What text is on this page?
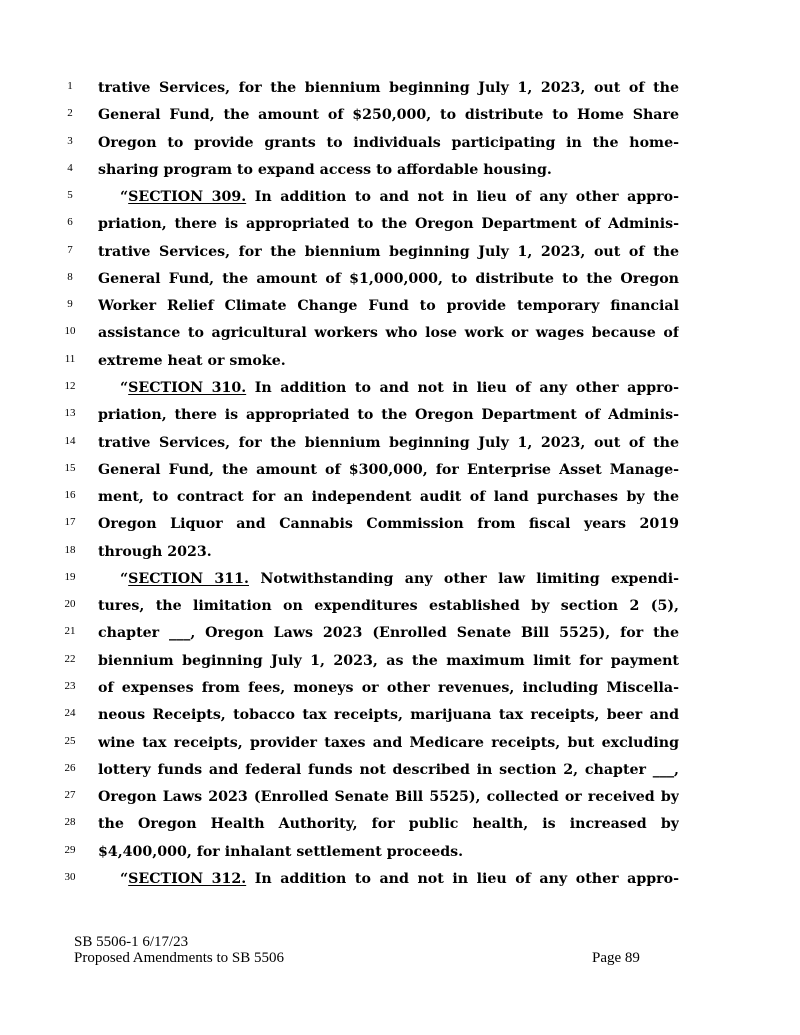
1	trative Services, for the biennium beginning July 1, 2023, out of the
2	General Fund, the amount of $250,000, to distribute to Home Share
3	Oregon to provide grants to individuals participating in the home-
4	sharing program to expand access to affordable housing.
5	“SECTION 309. In addition to and not in lieu of any other appro-
6	priation, there is appropriated to the Oregon Department of Adminis-
7	trative Services, for the biennium beginning July 1, 2023, out of the
8	General Fund, the amount of $1,000,000, to distribute to the Oregon
9	Worker Relief Climate Change Fund to provide temporary financial
10	assistance to agricultural workers who lose work or wages because of
11	extreme heat or smoke.
12	“SECTION 310. In addition to and not in lieu of any other appro-
13	priation, there is appropriated to the Oregon Department of Adminis-
14	trative Services, for the biennium beginning July 1, 2023, out of the
15	General Fund, the amount of $300,000, for Enterprise Asset Manage-
16	ment, to contract for an independent audit of land purchases by the
17	Oregon Liquor and Cannabis Commission from fiscal years 2019
18	through 2023.
19	“SECTION 311. Notwithstanding any other law limiting expendi-
20	tures, the limitation on expenditures established by section 2 (5),
21	chapter ___, Oregon Laws 2023 (Enrolled Senate Bill 5525), for the
22	biennium beginning July 1, 2023, as the maximum limit for payment
23	of expenses from fees, moneys or other revenues, including Miscella-
24	neous Receipts, tobacco tax receipts, marijuana tax receipts, beer and
25	wine tax receipts, provider taxes and Medicare receipts, but excluding
26	lottery funds and federal funds not described in section 2, chapter ___,
27	Oregon Laws 2023 (Enrolled Senate Bill 5525), collected or received by
28	the Oregon Health Authority, for public health, is increased by
29	$4,400,000, for inhalant settlement proceeds.
30	“SECTION 312. In addition to and not in lieu of any other appro-
SB 5506-1 6/17/23
Proposed Amendments to SB 5506	Page 89
